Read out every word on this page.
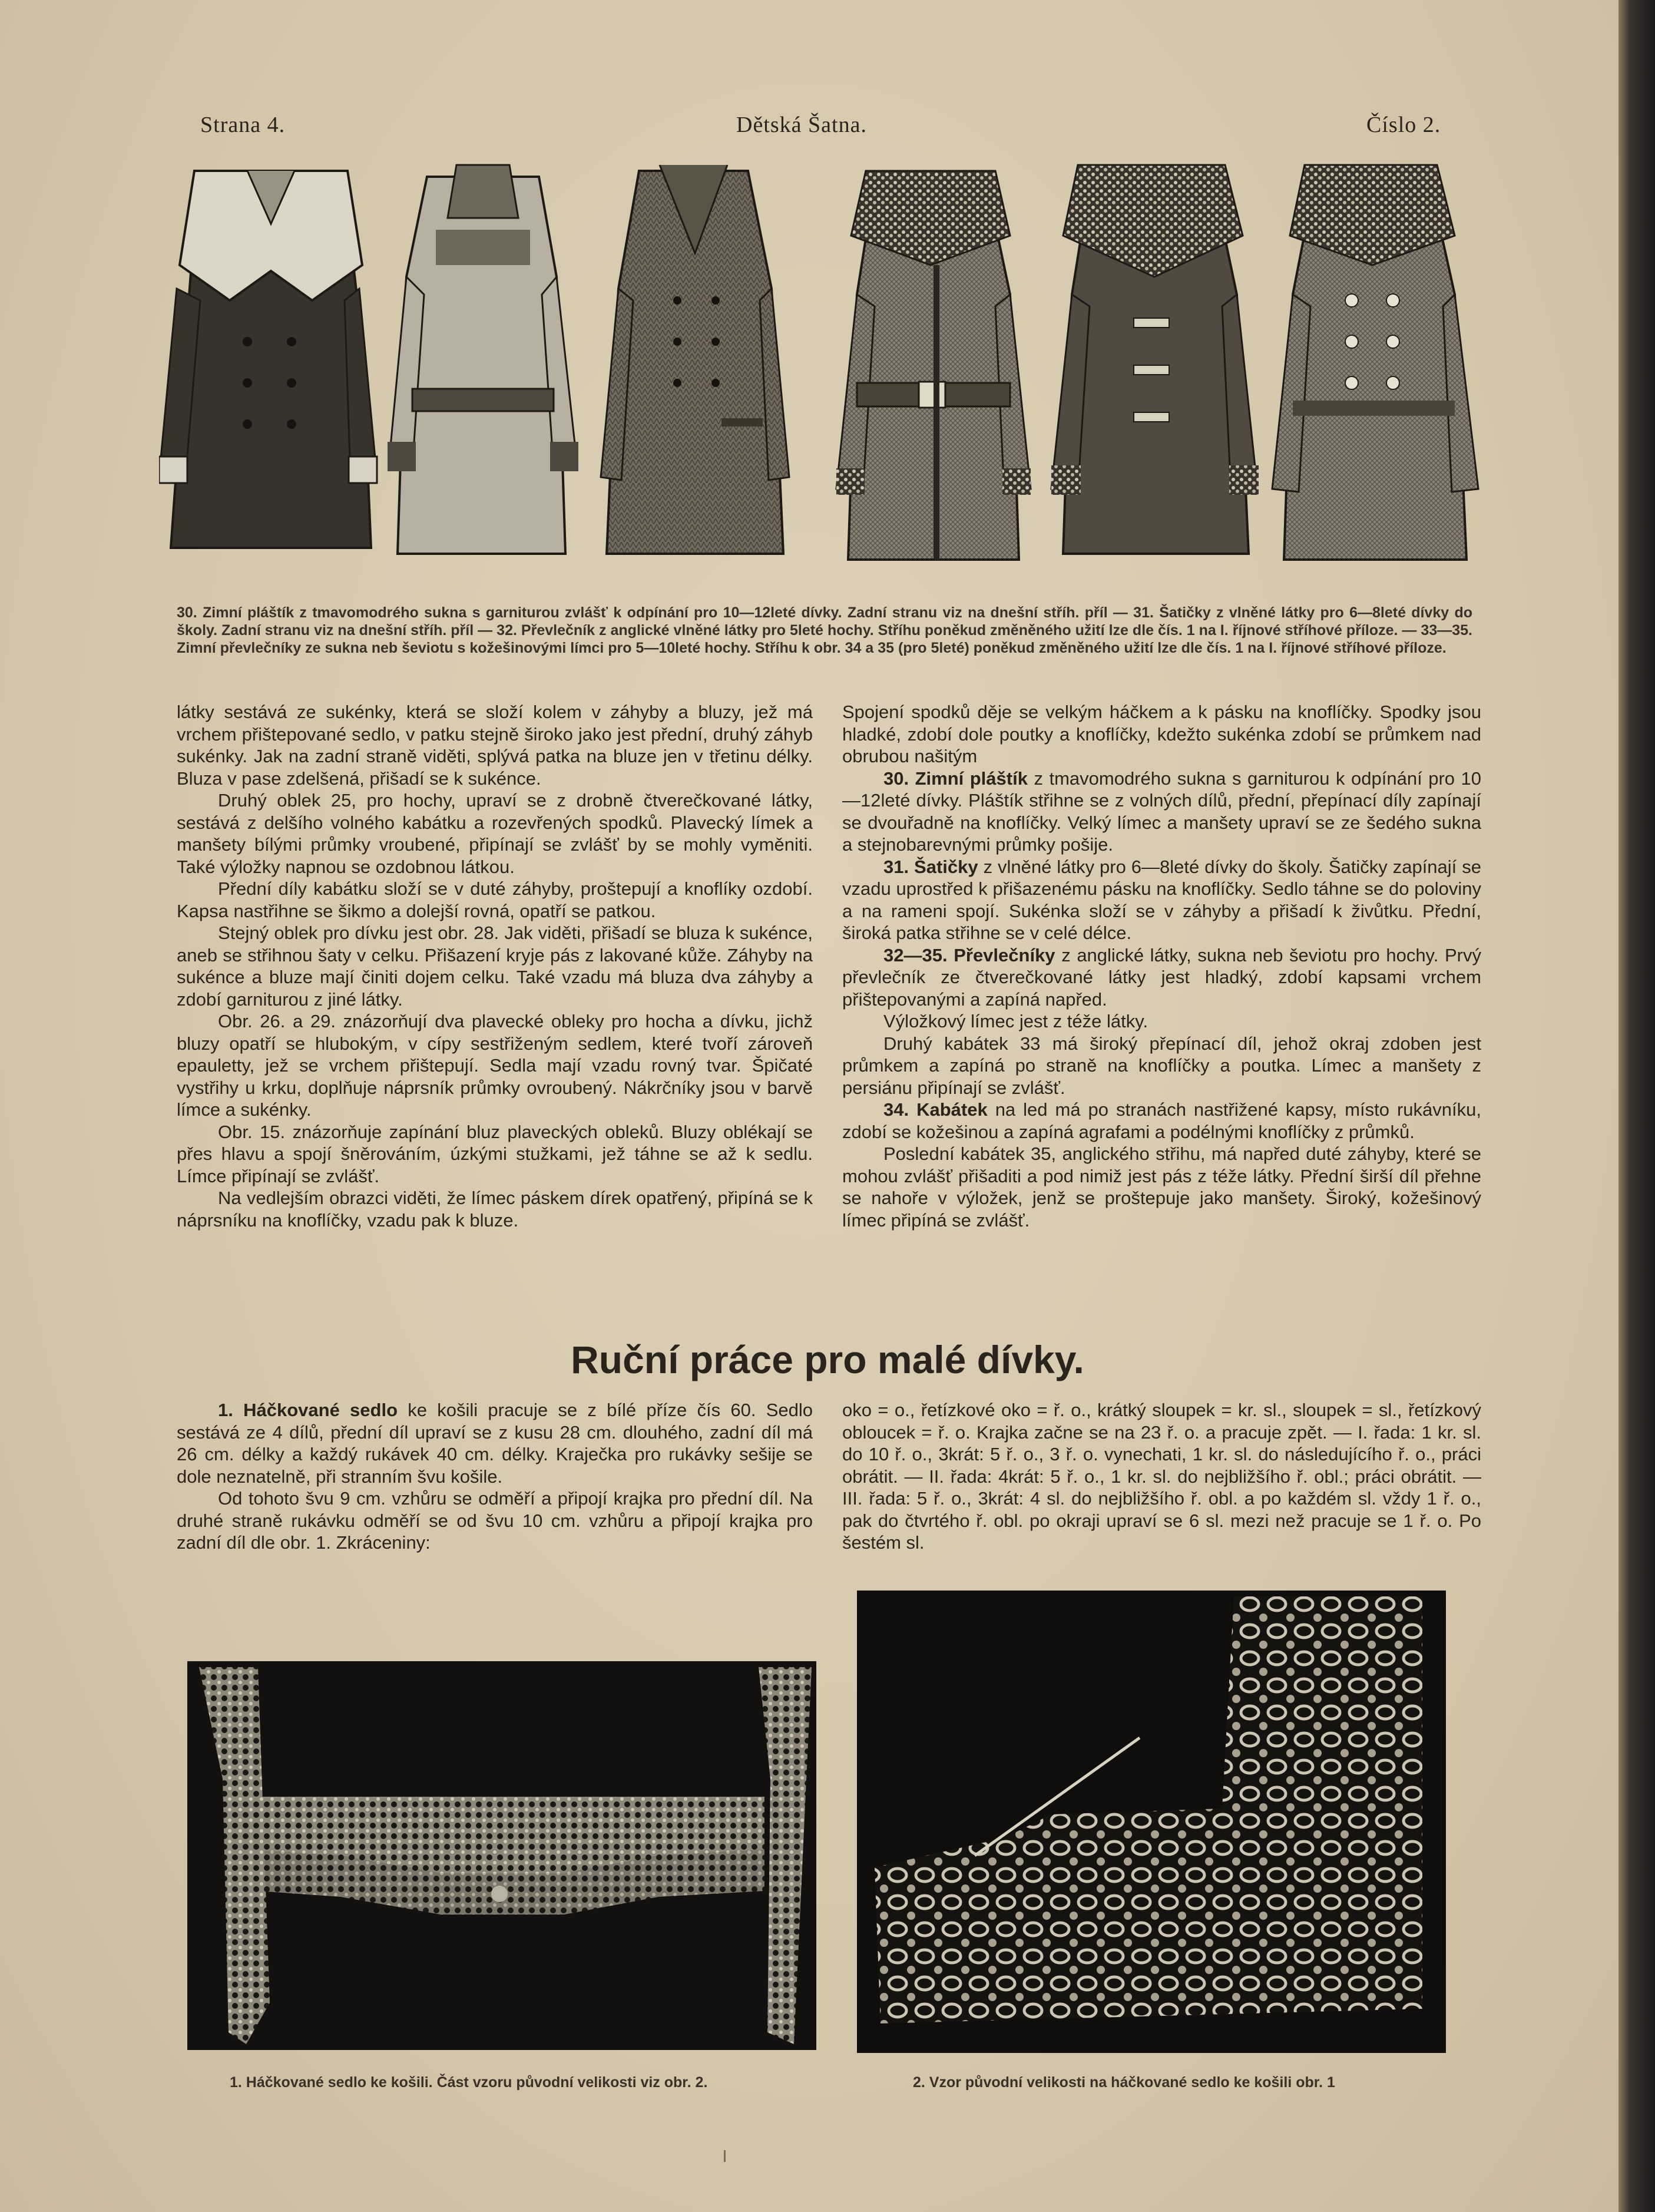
Strana 4.	Dětská Šatna.	Číslo 2.
30. Zimní pláštík z tmavomodrého sukna s garniturou zvlášť k odpínání pro 10—12leté dívky. Zadní stranu viz na dnešní stříh. příl — 31. Šatičky z vlněné látky pro 6—8leté dívky do školy. Zadní stranu viz na dnešní stříh. příl — 32. Převlečník z anglické vlněné látky pro 5leté hochy. Stříhu poněkud změněného užití lze dle čís. 1 na I. říjnové stříhové příloze. — 33—35. Zimní převlečníky ze sukna neb ševiotu s kožešinovými límci pro 5—10leté hochy. Stříhu k obr. 34 a 35 (pro 5leté) poněkud změněného užití lze dle čís. 1 na I. říjnové stříhové příloze.

látky sestává ze sukénky, která se složí kolem v záhyby a bluzy, jež má vrchem přištepované sedlo, v patku stejně široko jako jest přední, druhý záhyb sukénky. Jak na zadní straně viděti, splývá patka na bluze jen v třetinu délky. Bluza v pase zdelšená, přišadí se k sukénce.

Druhý oblek 25, pro hochy, upraví se z drobně čtverečkované látky, sestává z delšího volného kabátku a rozevřených spodků. Plavecký límek a manšety bílými průmky vroubené, připínají se zvlášť by se mohly vyměniti. Také výložky napnou se ozdobnou látkou.

Přední díly kabátku složí se v duté záhyby, proštepují a knoflíky ozdobí. Kapsa nastřihne se šikmo a dolejší rovná, opatří se patkou.

Stejný oblek pro dívku jest obr. 28. Jak viděti, přišadí se bluza k sukénce, aneb se střihnou šaty v celku. Přišazení kryje pás z lakované kůže. Záhyby na sukénce a bluze mají činiti dojem celku. Také vzadu má bluza dva záhyby a zdobí garniturou z jiné látky.

Obr. 26. a 29. znázorňují dva plavecké obleky pro hocha a dívku, jichž bluzy opatří se hlubokým, v cípy sestřiženým sedlem, které tvoří zároveň epauletty, jež se vrchem přištepují. Sedla mají vzadu rovný tvar. Špičaté vystřihy u krku, doplňuje náprsník průmky ovroubený. Nákrčníky jsou v barvě límce a sukénky.

Obr. 15. znázorňuje zapínání bluz plaveckých obleků. Bluzy oblékají se přes hlavu a spojí šněrováním, úzkými stužkami, jež táhne se až k sedlu. Límce připínají se zvlášť.

Na vedlejším obrazci viděti, že límec páskem dírek opatřený, připíná se k náprsníku na knoflíčky, vzadu pak k bluze.

Spojení spodků děje se velkým háčkem a k pásku na knoflíčky. Spodky jsou hladké, zdobí dole poutky a knoflíčky, kdežto sukénka zdobí se průmkem nad obrubou našitým

30. Zimní pláštík z tmavomodrého sukna s garniturou k odpínání pro 10—12leté dívky. Pláštík střihne se z volných dílů, přední, přepínací díly zapínají se dvouřadně na knoflíčky. Velký límec a manšety upraví se ze šedého sukna a stejnobarevnými průmky pošije.

31. Šatičky z vlněné látky pro 6—8leté dívky do školy. Šatičky zapínají se vzadu uprostřed k přišazenému pásku na knoflíčky. Sedlo táhne se do poloviny a na rameni spojí. Sukénka složí se v záhyby a přišadí k živůtku. Přední, široká patka střihne se v celé délce.

32—35. Převlečníky z anglické látky, sukna neb ševiotu pro hochy. Prvý převlečník ze čtverečkované látky jest hladký, zdobí kapsami vrchem přištepovanými a zapíná napřed.

Výložkový límec jest z téže látky.

Druhý kabátek 33 má široký přepínací díl, jehož okraj zdoben jest průmkem a zapíná po straně na knoflíčky a poutka. Límec a manšety z persiánu připínají se zvlášť.

34. Kabátek na led má po stranách nastřižené kapsy, místo rukávníku, zdobí se kožešinou a zapíná agrafami a podélnými knoflíčky z průmků.

Poslední kabátek 35, anglického střihu, má napřed duté záhyby, které se mohou zvlášť přišaditi a pod nimiž jest pás z téže látky. Přední širší díl přehne se nahoře v výložek, jenž se proštepuje jako manšety. Široký, kožešinový límec připíná se zvlášť.

Ruční práce pro malé dívky.

1. Háčkované sedlo ke košili pracuje se z bílé příze čís 60. Sedlo sestává ze 4 dílů, přední díl upraví se z kusu 28 cm. dlouhého, zadní díl má 26 cm. délky a každý rukávek 40 cm. délky. Kraječka pro rukávky sešije se dole neznatelně, při stranním švu košile.

Od tohoto švu 9 cm. vzhůru se odměří a připojí krajka pro přední díl. Na druhé straně rukávku odměří se od švu 10 cm. vzhůru a připojí krajka pro zadní díl dle obr. 1. Zkráceniny:

oko = o., řetízkové oko = ř. o., krátký sloupek = kr. sl., sloupek = sl., řetízkový obloucek = ř. o. Krajka začne se na 23 ř. o. a pracuje zpět. — I. řada: 1 kr. sl. do 10 ř. o., 3krát: 5 ř. o., 3 ř. o. vynechati, 1 kr. sl. do následujícího ř. o., práci obrátit. — II. řada: 4krát: 5 ř. o., 1 kr. sl. do nejbližšího ř. obl.; práci obrátit. — III. řada: 5 ř. o., 3krát: 4 sl. do nejbližšího ř. obl. a po každém sl. vždy 1 ř. o., pak do čtvrtého ř. obl. po okraji upraví se 6 sl. mezi než pracuje se 1 ř. o. Po šestém sl.
1. Háčkované sedlo ke košili. Část vzoru původní velikosti viz obr. 2.	2. Vzor původní velikosti na háčkované sedlo ke košili obr. 1
